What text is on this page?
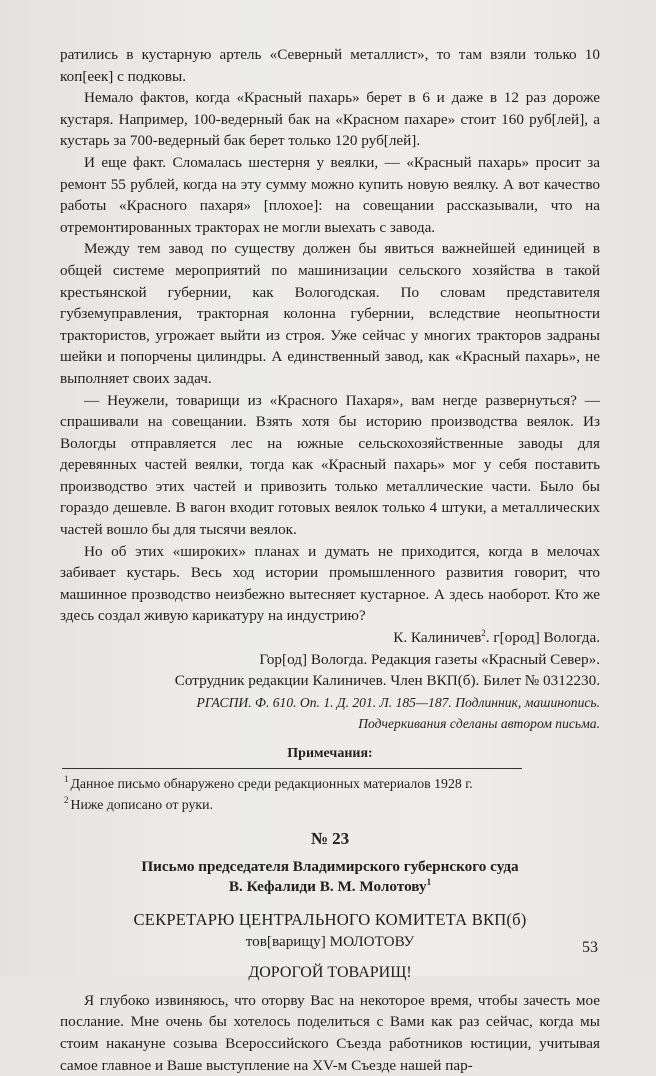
ратились в кустарную артель «Северный металлист», то там взяли только 10 коп[еек] с подковы.

Немало фактов, когда «Красный пахарь» берет в 6 и даже в 12 раз дороже кустаря. Например, 100-ведерный бак на «Красном пахаре» стоит 160 руб[лей], а кустарь за 700-ведерный бак берет только 120 руб[лей].

И еще факт. Сломалась шестерня у веялки, — «Красный пахарь» просит за ремонт 55 рублей, когда на эту сумму можно купить новую веялку. А вот качество работы «Красного пахаря» [плохое]: на совещании рассказывали, что на отремонтированных тракторах не могли выехать с завода.

Между тем завод по существу должен бы явиться важнейшей единицей в общей системе мероприятий по машинизации сельского хозяйства в такой крестьянской губернии, как Вологодская. По словам представителя губземуправления, тракторная колонна губернии, вследствие неопытности трактористов, угрожает выйти из строя. Уже сейчас у многих тракторов задраны шейки и попорчены цилиндры. А единственный завод, как «Красный пахарь», не выполняет своих задач.

— Неужели, товарищи из «Красного Пахаря», вам негде развернуться? — спрашивали на совещании. Взять хотя бы историю производства веялок. Из Вологды отправляется лес на южные сельскохозяйственные заводы для деревянных частей веялки, тогда как «Красный пахарь» мог у себя поставить производство этих частей и привозить только металлические части. Было бы гораздо дешевле. В вагон входит готовых веялок только 4 штуки, а металлических частей вошло бы для тысячи веялок.

Но об этих «широких» планах и думать не приходится, когда в мелочах забивает кустарь. Весь ход истории промышленного развития говорит, что машинное прозводство неизбежно вытесняет кустарное. А здесь наоборот. Кто же здесь создал живую карикатуру на индустрию?

К. Калиничев$^2$. г[ород] Вологда.

Гор[од] Вологда. Редакция газеты «Красный Север».

Сотрудник редакции Калиничев. Член ВКП(б). Билет № 0312230.

РГАСПИ. Ф. 610. Оп. 1. Д. 201. Л. 185—187. Подлинник, машинопись.

Подчеркивания сделаны автором письма.

Примечания:

$^1$ Данное письмо обнаружено среди редакционных материалов 1928 г.

$^2$ Ниже дописано от руки.

№ 23

Письмо председателя Владимирского губернского суда

В. Кефалиди В. М. Молотову$^1$

СЕКРЕТАРЮ ЦЕНТРАЛЬНОГО КОМИТЕТА ВКП(б)

тов[варищу] МОЛОТОВУ

ДОРОГОЙ ТОВАРИЩ!

Я глубоко извиняюсь, что оторву Вас на некоторое время, чтобы зачесть мое послание. Мне очень бы хотелось поделиться с Вами как раз сейчас, когда мы стоим накануне созыва Всероссийского Съезда работников юстиции, учитывая самое главное и Ваше выступление на XV-м Съезде нашей пар-

53
